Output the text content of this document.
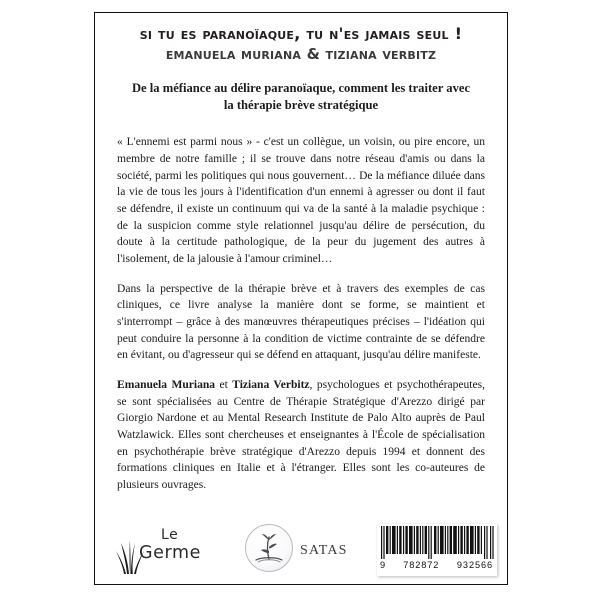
si tu es paranoïaque, tu n'es jamais seul !
emanuela muriana & tiziana verbitz
De la méfiance au délire paranoïaque, comment les traiter avec la thérapie brève stratégique

« L'ennemi est parmi nous » - c'est un collègue, un voisin, ou pire encore, un membre de notre famille ; il se trouve dans notre réseau d'amis ou dans la société, parmi les politiques qui nous gouvernent… De la méfiance diluée dans la vie de tous les jours à l'identification d'un ennemi à agresser ou dont il faut se défendre, il existe un continuum qui va de la santé à la maladie psychique : de la suspicion comme style relationnel jusqu'au délire de persécution, du doute à la certitude pathologique, de la peur du jugement des autres à l'isolement, de la jalousie à l'amour criminel…

Dans la perspective de la thérapie brève et à travers des exemples de cas cliniques, ce livre analyse la manière dont se forme, se maintient et s'interrompt – grâce à des manœuvres thérapeutiques précises – l'idéation qui peut conduire la personne à la condition de victime contrainte de se défendre en évitant, ou d'agresseur qui se défend en attaquant, jusqu'au délire manifeste.

Emanuela Muriana et Tiziana Verbitz, psychologues et psychothérapeutes, se sont spécialisées au Centre de Thérapie Stratégique d'Arezzo dirigé par Giorgio Nardone et au Mental Research Institute de Palo Alto auprès de Paul Watzlawick. Elles sont chercheuses et enseignantes à l'École de spécialisation en psychothérapie brève stratégique d'Arezzo depuis 1994 et donnent des formations cliniques en Italie et à l'étranger. Elles sont les co-auteures de plusieurs ouvrages.

Le
Germe	satas
9 782872 932566
